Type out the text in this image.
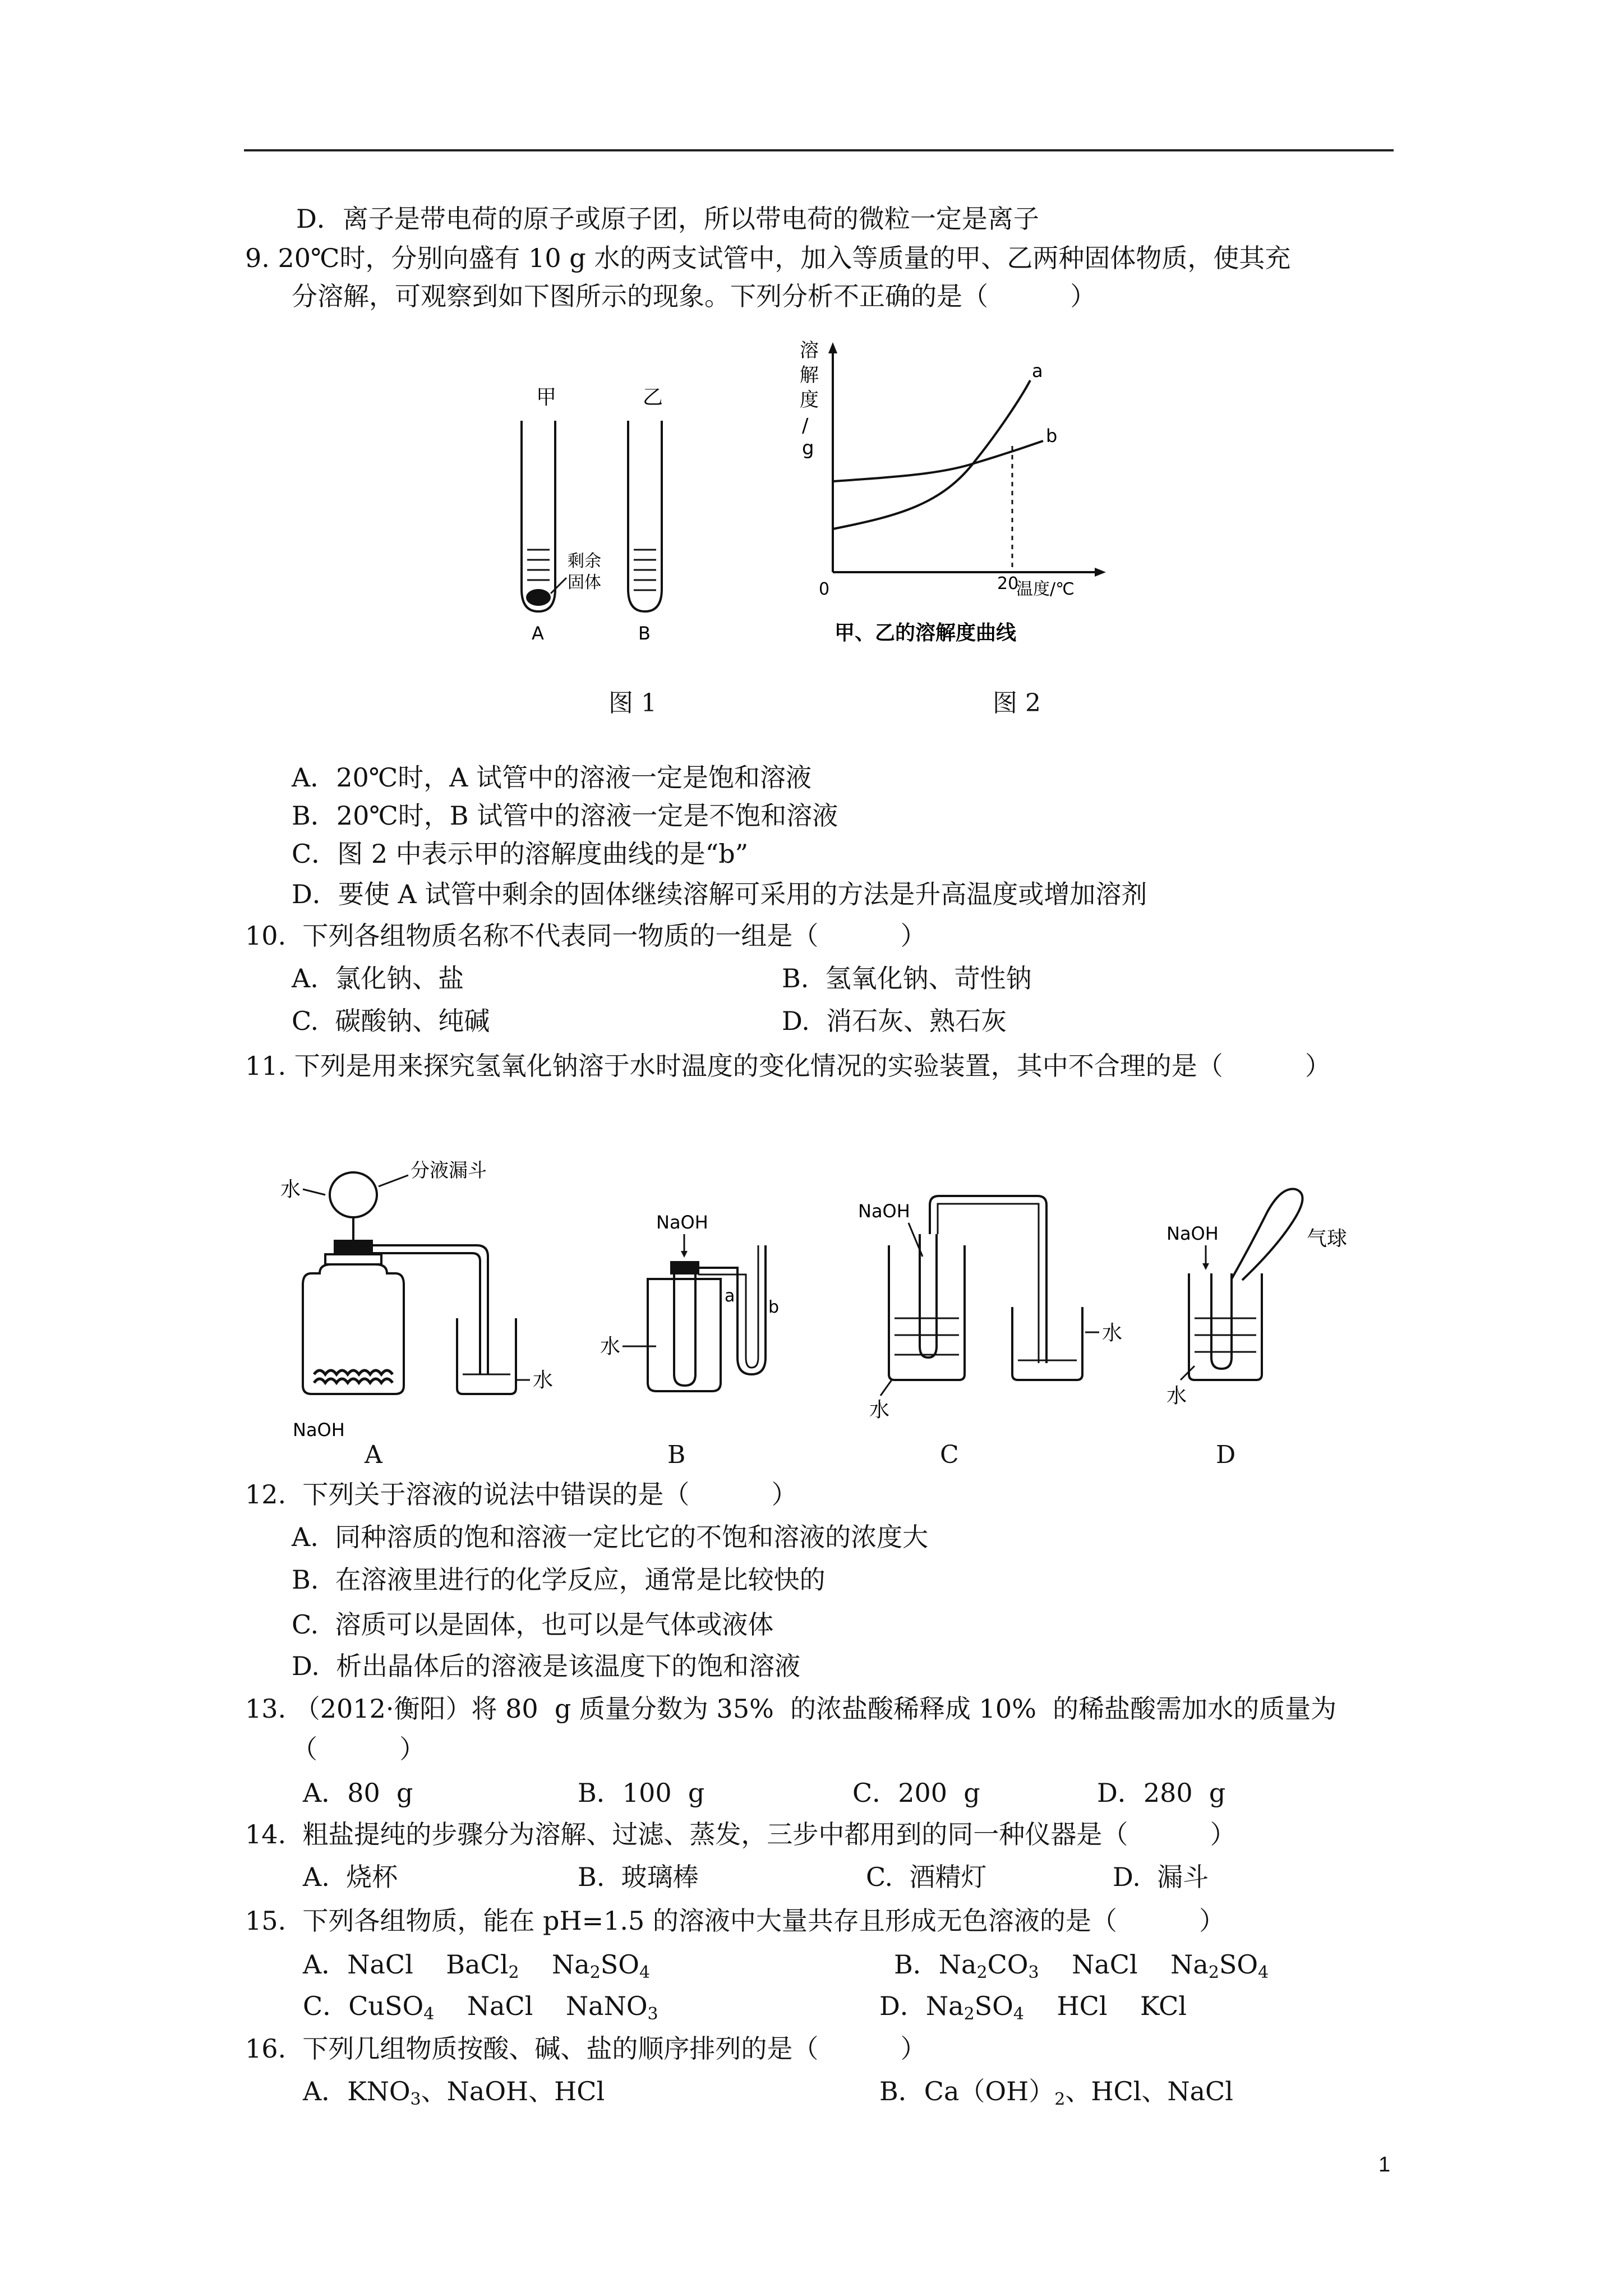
D．离子是带电荷的原子或原子团，所以带电荷的微粒一定是离子
9. 20℃时，分别向盛有 10 g 水的两支试管中，加入等质量的甲、乙两种固体物质，使其充
分溶解，可观察到如下图所示的现象。下列分析不正确的是（          ）
甲	乙
剩余
固体
A	B
溶
解
度
/
g
a
b
0	20
温度/℃
甲、乙的溶解度曲线
图 1	图 2
A．20℃时，A 试管中的溶液一定是饱和溶液
B．20℃时，B 试管中的溶液一定是不饱和溶液
C．图 2 中表示甲的溶解度曲线的是“b”
D．要使 A 试管中剩余的固体继续溶解可采用的方法是升高温度或增加溶剂
10.  下列各组物质名称不代表同一物质的一组是（          ）
A.  氯化钠、盐	B.  氢氧化钠、苛性钠
C.  碳酸钠、纯碱	D.  消石灰、熟石灰
11. 下列是用来探究氢氧化钠溶于水时温度的变化情况的实验装置，其中不合理的是（          ）
水
分液漏斗
NaOH
水
NaOH
水
a
b
NaOH
水
水
NaOH	气球
水
A	B	C	D
12.  下列关于溶液的说法中错误的是（          ）
A.  同种溶质的饱和溶液一定比它的不饱和溶液的浓度大
B.  在溶液里进行的化学反应，通常是比较快的
C.  溶质可以是固体，也可以是气体或液体
D.  析出晶体后的溶液是该温度下的饱和溶液
13. （2012·衡阳）将 80  g 质量分数为 35%  的浓盐酸稀释成 10%  的稀盐酸需加水的质量为
（          ）
A．80  g	B．100  g	C．200  g	D．280  g
14.  粗盐提纯的步骤分为溶解、过滤、蒸发，三步中都用到的同一种仪器是（          ）
A.  烧杯	B.  玻璃棒	C.  酒精灯	D.  漏斗
15.  下列各组物质，能在 pH=1.5 的溶液中大量共存且形成无色溶液的是（          ）
A．NaCl    BaCl$_2$    $Na_2SO_4$	B．$Na_2CO_3$    NaCl    $Na_2SO_4$
C．CuSO$_4$    NaCl    NaNO$_3$	D．$Na_2SO_4$    HCl    KCl
16.  下列几组物质按酸、碱、盐的顺序排列的是（          ）
A．$KNO_3$、NaOH、HCl	B．$Ca(OH)_2$、HCl、NaCl
1
